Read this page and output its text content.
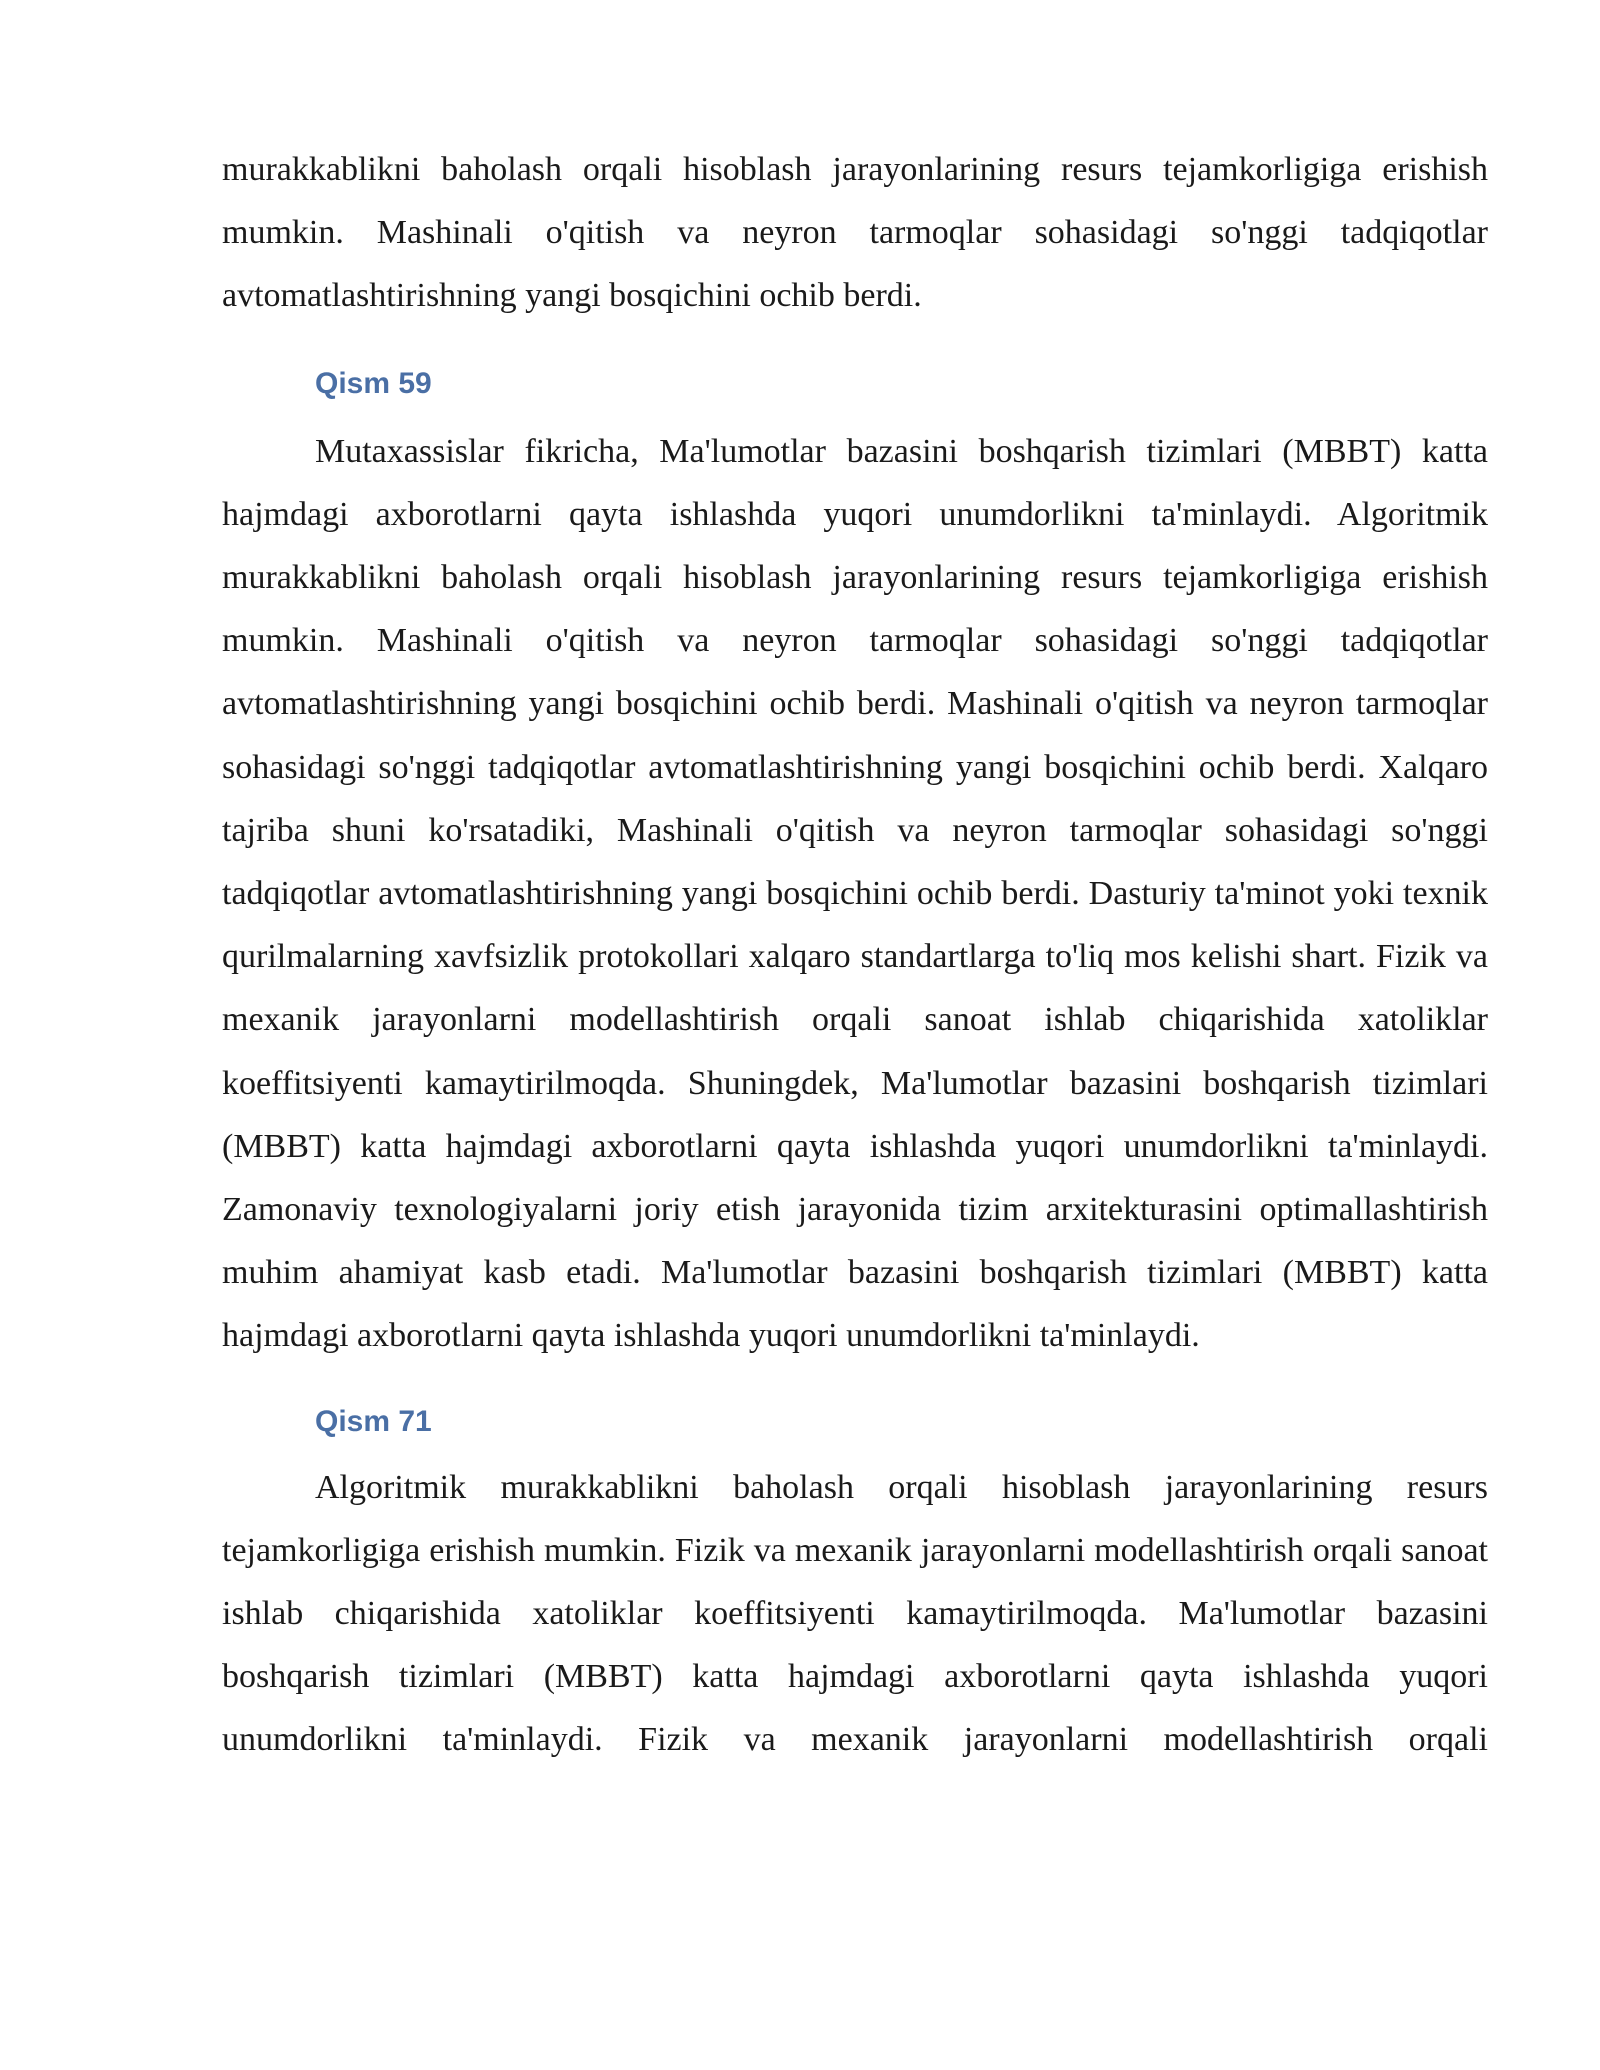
murakkablikni baholash orqali hisoblash jarayonlarining resurs tejamkorligiga erishish mumkin. Mashinali o'qitish va neyron tarmoqlar sohasidagi so'nggi tadqiqotlar avtomatlashtirishning yangi bosqichini ochib berdi.

Qism 59

Mutaxassislar fikricha, Ma'lumotlar bazasini boshqarish tizimlari (MBBT) katta hajmdagi axborotlarni qayta ishlashda yuqori unumdorlikni ta'minlaydi. Algoritmik murakkablikni baholash orqali hisoblash jarayonlarining resurs tejamkorligiga erishish mumkin. Mashinali o'qitish va neyron tarmoqlar sohasidagi so'nggi tadqiqotlar avtomatlashtirishning yangi bosqichini ochib berdi. Mashinali o'qitish va neyron tarmoqlar sohasidagi so'nggi tadqiqotlar avtomatlashtirishning yangi bosqichini ochib berdi. Xalqaro tajriba shuni ko'rsatadiki, Mashinali o'qitish va neyron tarmoqlar sohasidagi so'nggi tadqiqotlar avtomatlashtirishning yangi bosqichini ochib berdi. Dasturiy ta'minot yoki texnik qurilmalarning xavfsizlik protokollari xalqaro standartlarga to'liq mos kelishi shart. Fizik va mexanik jarayonlarni modellashtirish orqali sanoat ishlab chiqarishida xatoliklar koeffitsiyenti kamaytirilmoqda. Shuningdek, Ma'lumotlar bazasini boshqarish tizimlari (MBBT) katta hajmdagi axborotlarni qayta ishlashda yuqori unumdorlikni ta'minlaydi. Zamonaviy texnologiyalarni joriy etish jarayonida tizim arxitekturasini optimallashtirish muhim ahamiyat kasb etadi. Ma'lumotlar bazasini boshqarish tizimlari (MBBT) katta hajmdagi axborotlarni qayta ishlashda yuqori unumdorlikni ta'minlaydi.

Qism 71

Algoritmik murakkablikni baholash orqali hisoblash jarayonlarining resurs tejamkorligiga erishish mumkin. Fizik va mexanik jarayonlarni modellashtirish orqali sanoat ishlab chiqarishida xatoliklar koeffitsiyenti kamaytirilmoqda. Ma'lumotlar bazasini boshqarish tizimlari (MBBT) katta hajmdagi axborotlarni qayta ishlashda yuqori unumdorlikni ta'minlaydi. Fizik va mexanik jarayonlarni modellashtirish orqali
